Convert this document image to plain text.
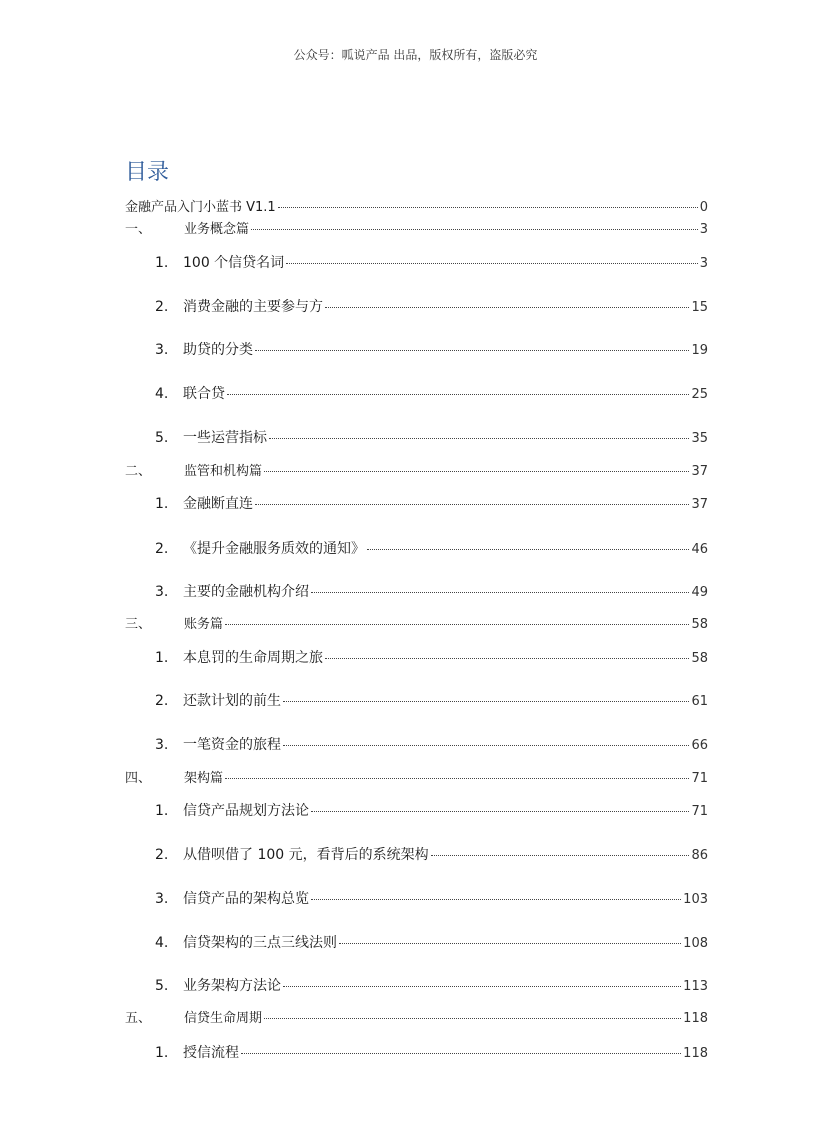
公众号：呱说产品 出品，版权所有，盗版必究
目录
金融产品入门小蓝书 V1.1	0
一、	业务概念篇	3
1.	100 个信贷名词	3
2.	消费金融的主要参与方	15
3.	助贷的分类	19
4.	联合贷	25
5.	一些运营指标	35
二、	监管和机构篇	37
1.	金融断直连	37
2.	《提升金融服务质效的通知》	46
3.	主要的金融机构介绍	49
三、	账务篇	58
1.	本息罚的生命周期之旅	58
2.	还款计划的前生	61
3.	一笔资金的旅程	66
四、	架构篇	71
1.	信贷产品规划方法论	71
2.	从借呗借了 100 元，看背后的系统架构	86
3.	信贷产品的架构总览	103
4.	信贷架构的三点三线法则	108
5.	业务架构方法论	113
五、	信贷生命周期	118
1.	授信流程	118
